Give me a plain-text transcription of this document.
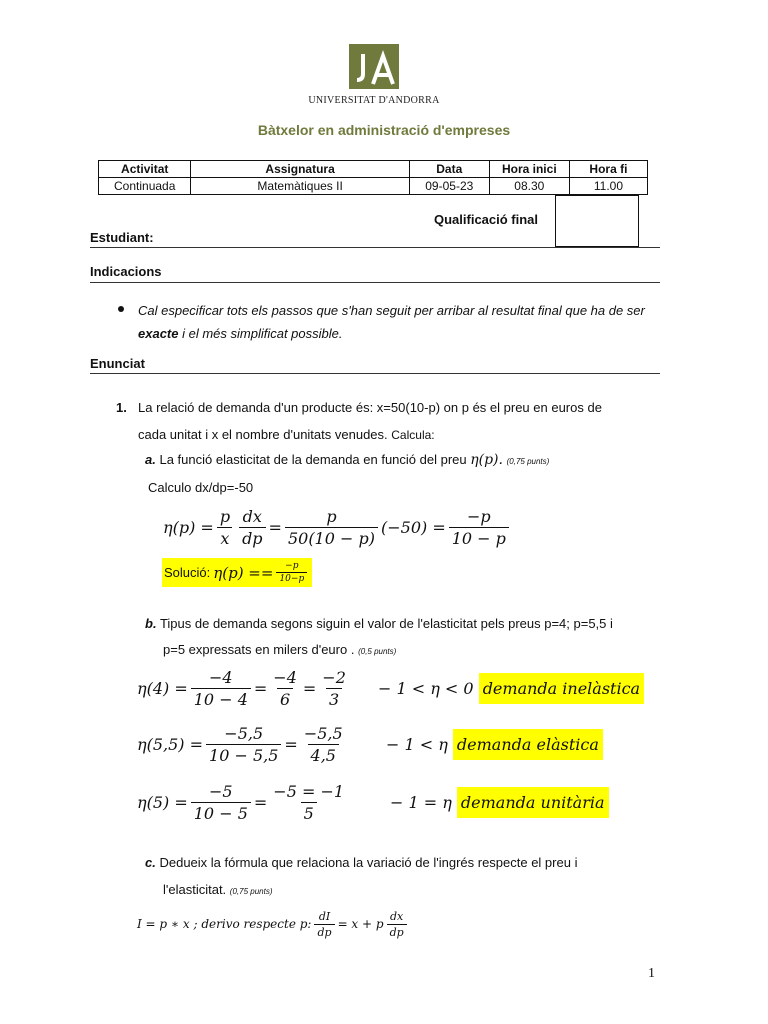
UNIVERSITAT D'ANDORRA
Bàtxelor en administració d'empreses
Activitat	Assignatura	Data	Hora inici	Hora fi
Continuada	Matemàtiques II	09-05-23	08.30	11.00
Qualificació final
Estudiant:
Indicacions
Cal especificar tots els passos que s'han seguit per arribar al resultat final que ha de ser exacte i el més simplificat possible.
Enunciat
1. La relació de demanda d'un producte és: x=50(10-p) on p és el preu en euros de
cada unitat i x el nombre d'unitats venudes. Calcula:
a. La funció elasticitat de la demanda en funció del preu η(p). (0,75 punts)
Calculo dx/dp=-50
$\eta(p) = \frac{p}{x} \frac{dx}{dp} = \frac{p}{50(10 - p)} (-50) = \frac{-p}{10 - p}$
Solució: $\eta(p) == \frac{-p}{10-p}$
b. Tipus de demanda segons siguin el valor de l'elasticitat pels preus p=4; p=5,5 i
p=5 expressats en milers d'euro . (0,5 punts)
$\eta(4) = \frac{-4}{10 - 4} = \frac{-4}{6} = \frac{-2}{3} - 1 < \eta < 0$ demanda inelàstica
$\eta(5,5) = \frac{-5,5}{10 - 5,5} = \frac{-5,5}{4,5}$	− 1 < η demanda elàstica
$\eta(5) = \frac{-5}{10 - 5} = \frac{-5 = -1}{5}$	− 1 = η demanda unitària
c. Dedueix la fórmula que relaciona la variació de l'ingrés respecte el preu i
l'elasticitat. (0,75 punts)
I = p ∗ x ; derivo respecte p: $\frac{dI}{dp} = x + p \frac{dx}{dp}$
1
